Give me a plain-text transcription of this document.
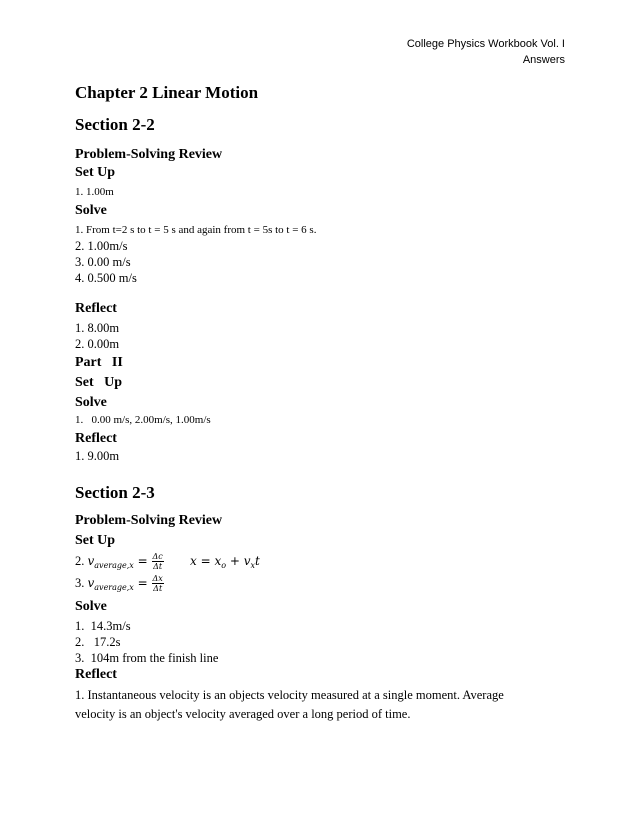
College Physics Workbook Vol. I
Answers
Chapter 2 Linear Motion
Section 2-2
Problem-Solving Review
Set Up
1. 1.00m
Solve
1. From t=2 s to t = 5 s and again from t = 5s to t = 6 s.
2. 1.00m/s
3. 0.00 m/s
4. 0.500 m/s
Reflect
1. 8.00m
2. 0.00m
Part   II
Set   Up
Solve
1.   0.00 m/s, 2.00m/s, 1.00m/s
Reflect
1. 9.00m
Section 2-3
Problem-Solving Review
Set Up
2. $v_{average,x} = \frac{\Delta c}{\Delta t}$ $x = x_o + v_xt$
3. $v_{average,x} = \frac{\Delta x}{\Delta t}$
Solve
1.  14.3m/s
2.   17.2s
3.  104m from the finish line
Reflect
1. Instantaneous velocity is an objects velocity measured at a single moment. Average
velocity is an object's velocity averaged over a long period of time.
